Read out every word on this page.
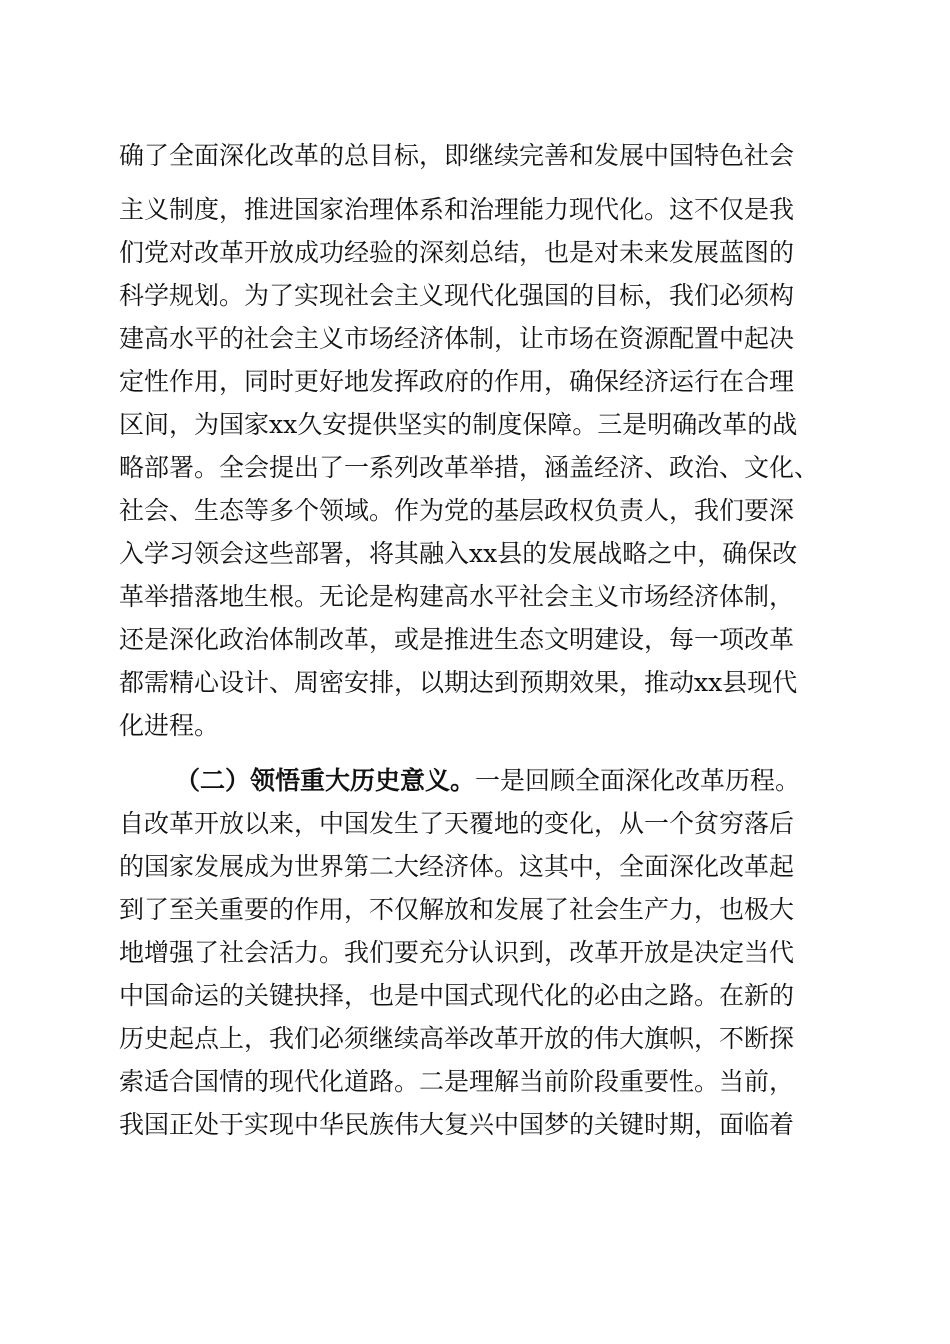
确了全面深化改革的总目标，即继续完善和发展中国特色社会
主义制度，推进国家治理体系和治理能力现代化。这不仅是我
们党对改革开放成功经验的深刻总结，也是对未来发展蓝图的
科学规划。为了实现社会主义现代化强国的目标，我们必须构
建高水平的社会主义市场经济体制，让市场在资源配置中起决
定性作用，同时更好地发挥政府的作用，确保经济运行在合理
区间，为国家xx久安提供坚实的制度保障。三是明确改革的战
略部署。全会提出了一系列改革举措，涵盖经济、政治、文化、
社会、生态等多个领域。作为党的基层政权负责人，我们要深
入学习领会这些部署，将其融入xx县的发展战略之中，确保改
革举措落地生根。无论是构建高水平社会主义市场经济体制，
还是深化政治体制改革，或是推进生态文明建设，每一项改革
都需精心设计、周密安排，以期达到预期效果，推动xx县现代
化进程。
（二）领悟重大历史意义。一是回顾全面深化改革历程。
自改革开放以来，中国发生了天覆地的变化，从一个贫穷落后
的国家发展成为世界第二大经济体。这其中，全面深化改革起
到了至关重要的作用，不仅解放和发展了社会生产力，也极大
地增强了社会活力。我们要充分认识到，改革开放是决定当代
中国命运的关键抉择，也是中国式现代化的必由之路。在新的
历史起点上，我们必须继续高举改革开放的伟大旗帜，不断探
索适合国情的现代化道路。二是理解当前阶段重要性。当前，
我国正处于实现中华民族伟大复兴中国梦的关键时期，面临着
